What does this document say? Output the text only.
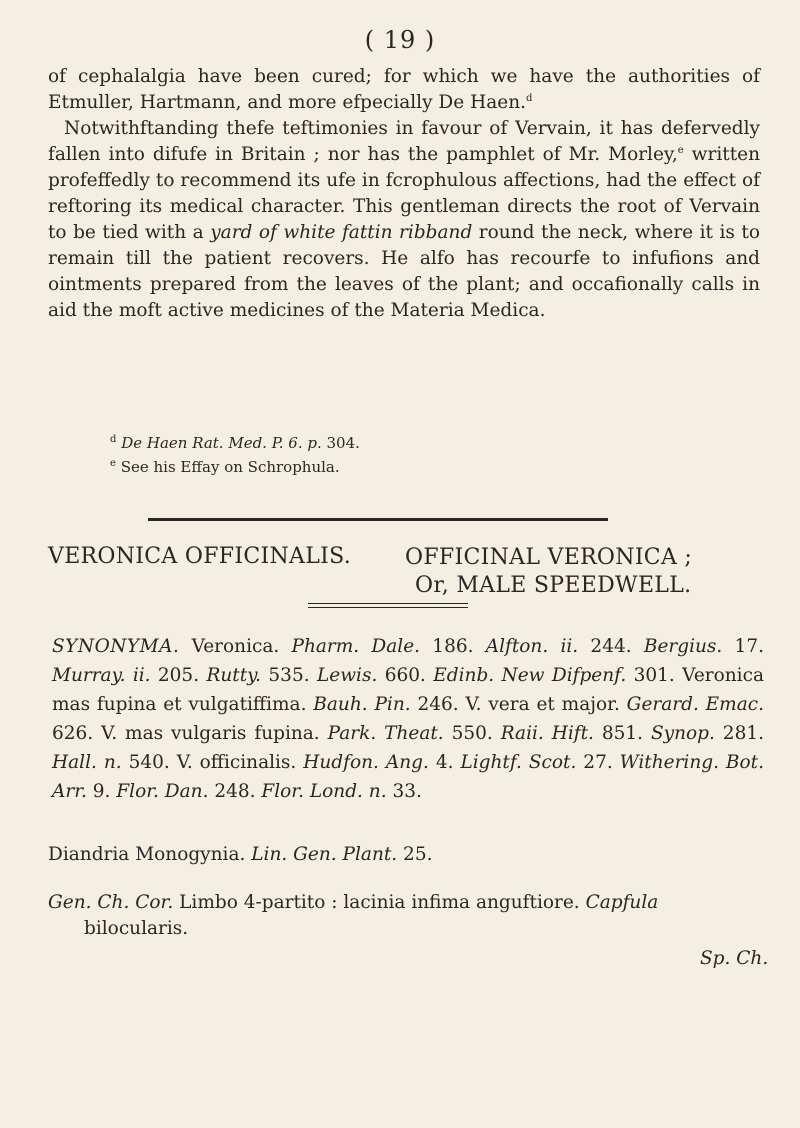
( 19 )

of cephalalgia have been cured; for which we have the authorities of Etmuller, Hartmann, and more efpecially De Haen.$^d$

Notwithftanding thefe teftimonies in favour of Vervain, it has defervedly fallen into difufe in Britain ; nor has the pamphlet of Mr. Morley,$^e$ written profeffedly to recommend its ufe in fcrophulous affections, had the effect of reftoring its medical character. This gentleman directs the root of Vervain to be tied with a yard of white fattin ribband round the neck, where it is to remain till the patient recovers. He alfo has recourfe to infufions and ointments prepared from the leaves of the plant; and occafionally calls in aid the moft active medicines of the Materia Medica.

$^d$ De Haen Rat. Med. P. 6. p. 304.

$^e$ See his Effay on Schrophula.

VERONICA OFFICINALIS. OFFICINAL VERONICA ;
Or, MALE SPEEDWELL.
SYNONYMA. Veronica. Pharm. Dale. 186. Alfton. ii. 244. Bergius. 17. Murray. ii. 205. Rutty. 535. Lewis. 660. Edinb. New Difpenf. 301. Veronica mas fupina et vulgatiffima. Bauh. Pin. 246. V. vera et major. Gerard. Emac. 626. V. mas vulgaris fupina. Park. Theat. 550. Raii. Hift. 851. Synop. 281. Hall. n. 540. V. officinalis. Hudfon. Ang. 4. Lightf. Scot. 27. Withering. Bot. Arr. 9. Flor. Dan. 248. Flor. Lond. n. 33.

Diandria Monogynia. Lin. Gen. Plant. 25.

Gen. Ch. Cor. Limbo 4-partito : lacinia infima anguftiore. Capfula bilocularis.

Sp. Ch.
